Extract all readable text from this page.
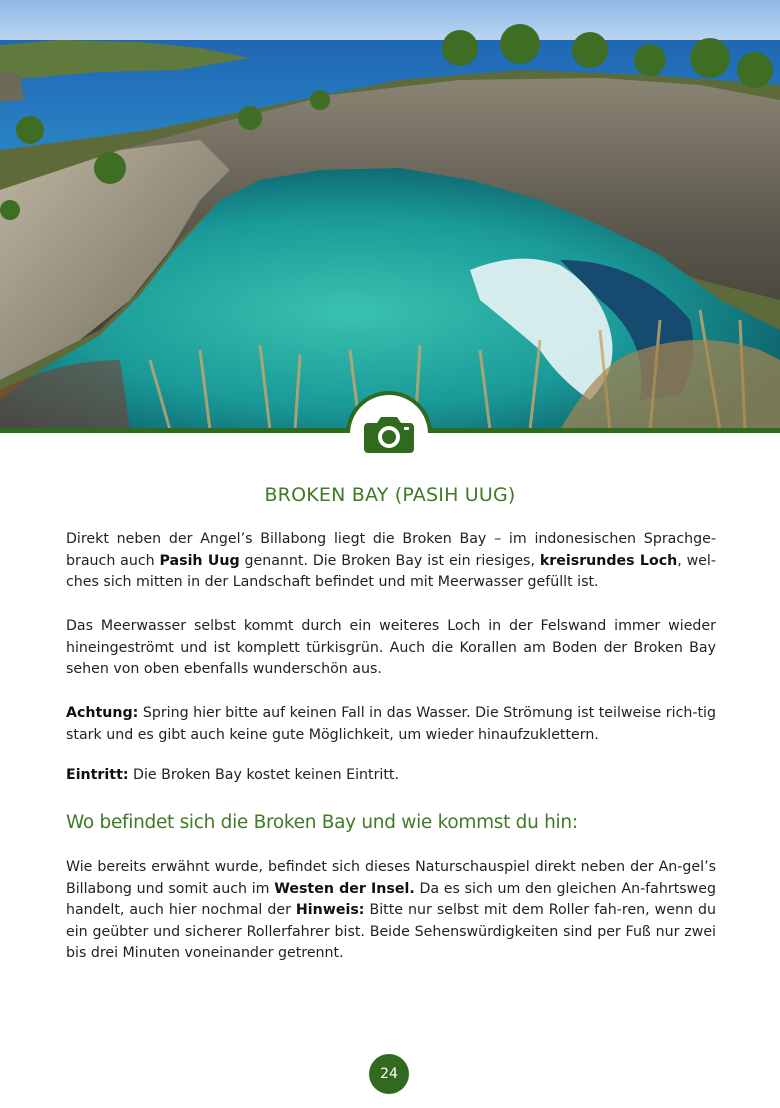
BROKEN BAY (PASIH UUG)

Direkt neben der Angel’s Billabong liegt die Broken Bay – im indonesischen Sprachge-brauch auch Pasih Uug genannt. Die Broken Bay ist ein riesiges, kreisrundes Loch, wel-ches sich mitten in der Landschaft befindet und mit Meerwasser gefüllt ist.

Das Meerwasser selbst kommt durch ein weiteres Loch in der Felswand immer wieder hineingeströmt und ist komplett türkisgrün. Auch die Korallen am Boden der Broken Bay sehen von oben ebenfalls wunderschön aus.

Achtung: Spring hier bitte auf keinen Fall in das Wasser. Die Strömung ist teilweise rich-tig stark und es gibt auch keine gute Möglichkeit, um wieder hinaufzuklettern.

Eintritt: Die Broken Bay kostet keinen Eintritt.

Wo befindet sich die Broken Bay und wie kommst du hin:

Wie bereits erwähnt wurde, befindet sich dieses Naturschauspiel direkt neben der An-gel’s Billabong und somit auch im Westen der Insel. Da es sich um den gleichen An-fahrtsweg handelt, auch hier nochmal der Hinweis: Bitte nur selbst mit dem Roller fah-ren, wenn du ein geübter und sicherer Rollerfahrer bist. Beide Sehenswürdigkeiten sind per Fuß nur zwei bis drei Minuten voneinander getrennt.

24
